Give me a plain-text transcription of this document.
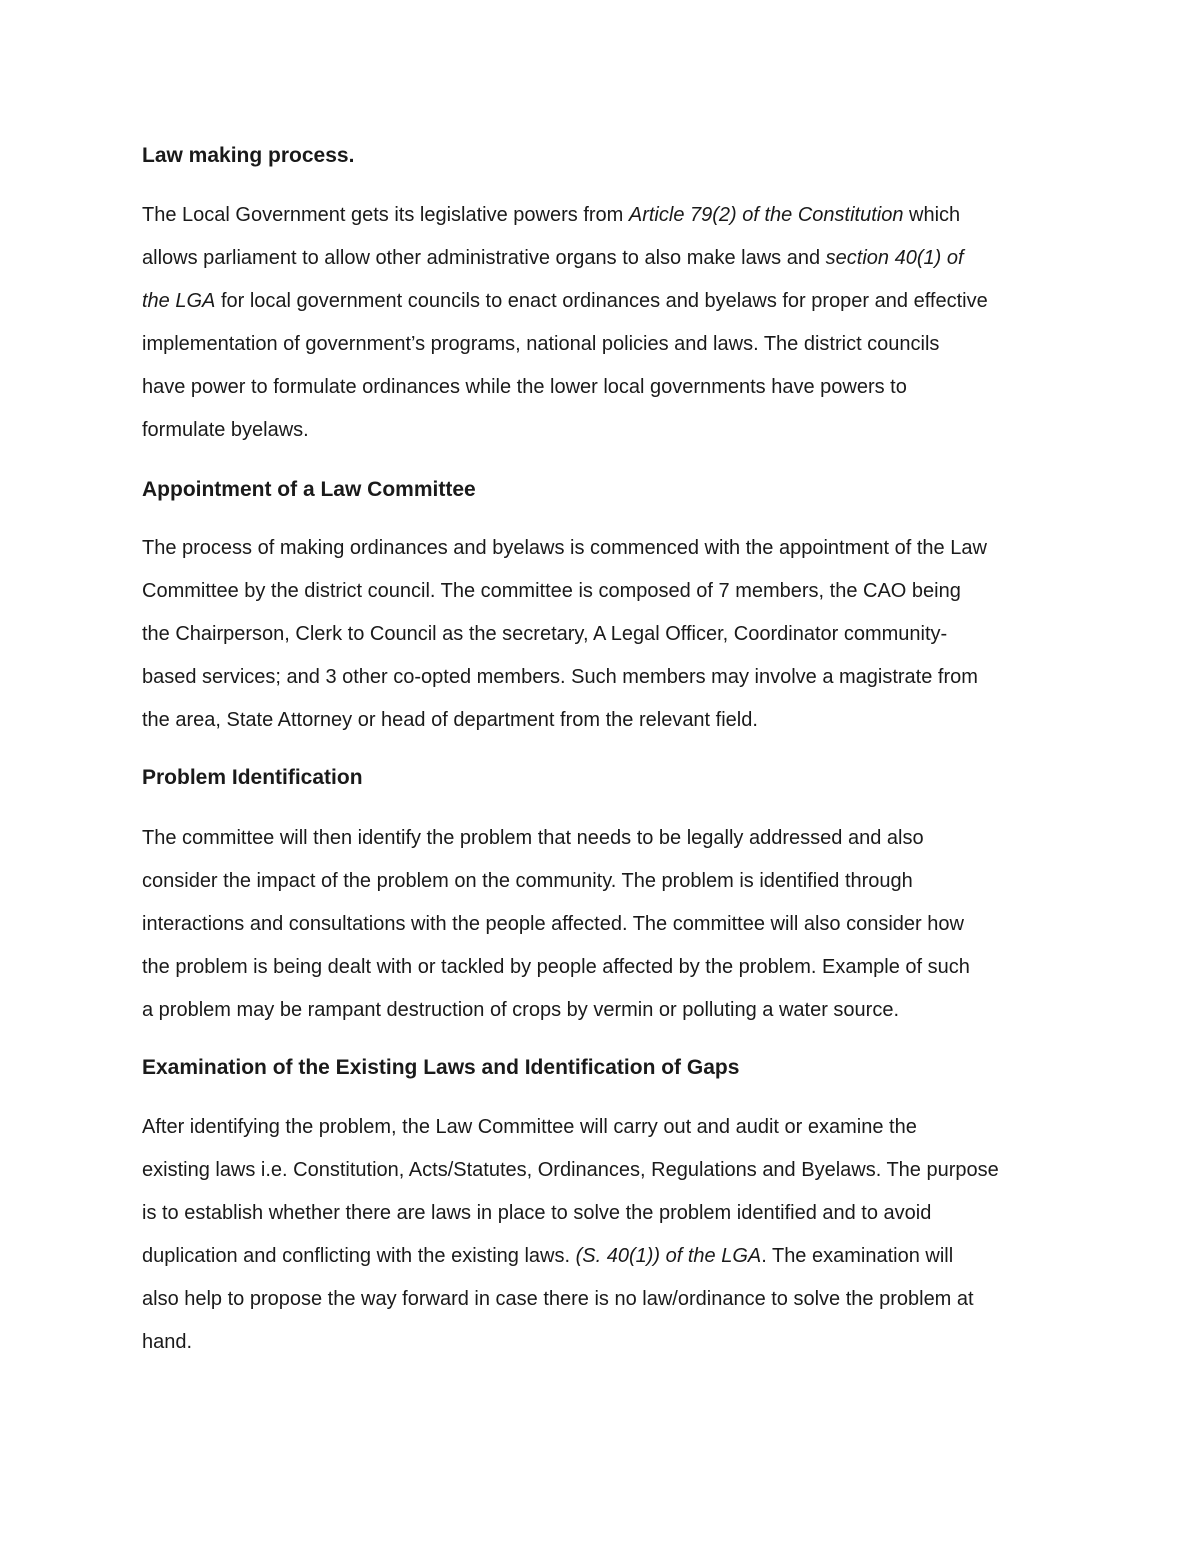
Law making process.
The Local Government gets its legislative powers from Article 79(2) of the Constitution which
allows parliament to allow other administrative organs to also make laws and section 40(1) of
the LGA for local government councils to enact ordinances and byelaws for proper and effective
implementation of government’s programs, national policies and laws. The district councils
have power to formulate ordinances while the lower local governments have powers to
formulate byelaws.
Appointment of a Law Committee
The process of making ordinances and byelaws is commenced with the appointment of the Law
Committee by the district council. The committee is composed of 7 members, the CAO being
the Chairperson, Clerk to Council as the secretary, A Legal Officer, Coordinator community-
based services; and 3 other co-opted members. Such members may involve a magistrate from
the area, State Attorney or head of department from the relevant field.
Problem Identification
The committee will then identify the problem that needs to be legally addressed and also
consider the impact of the problem on the community. The problem is identified through
interactions and consultations with the people affected. The committee will also consider how
the problem is being dealt with or tackled by people affected by the problem. Example of such
a problem may be rampant destruction of crops by vermin or polluting a water source.
Examination of the Existing Laws and Identification of Gaps
After identifying the problem, the Law Committee will carry out and audit or examine the
existing laws i.e. Constitution, Acts/Statutes, Ordinances, Regulations and Byelaws. The purpose
is to establish whether there are laws in place to solve the problem identified and to avoid
duplication and conflicting with the existing laws. (S. 40(1)) of the LGA. The examination will
also help to propose the way forward in case there is no law/ordinance to solve the problem at
hand.
